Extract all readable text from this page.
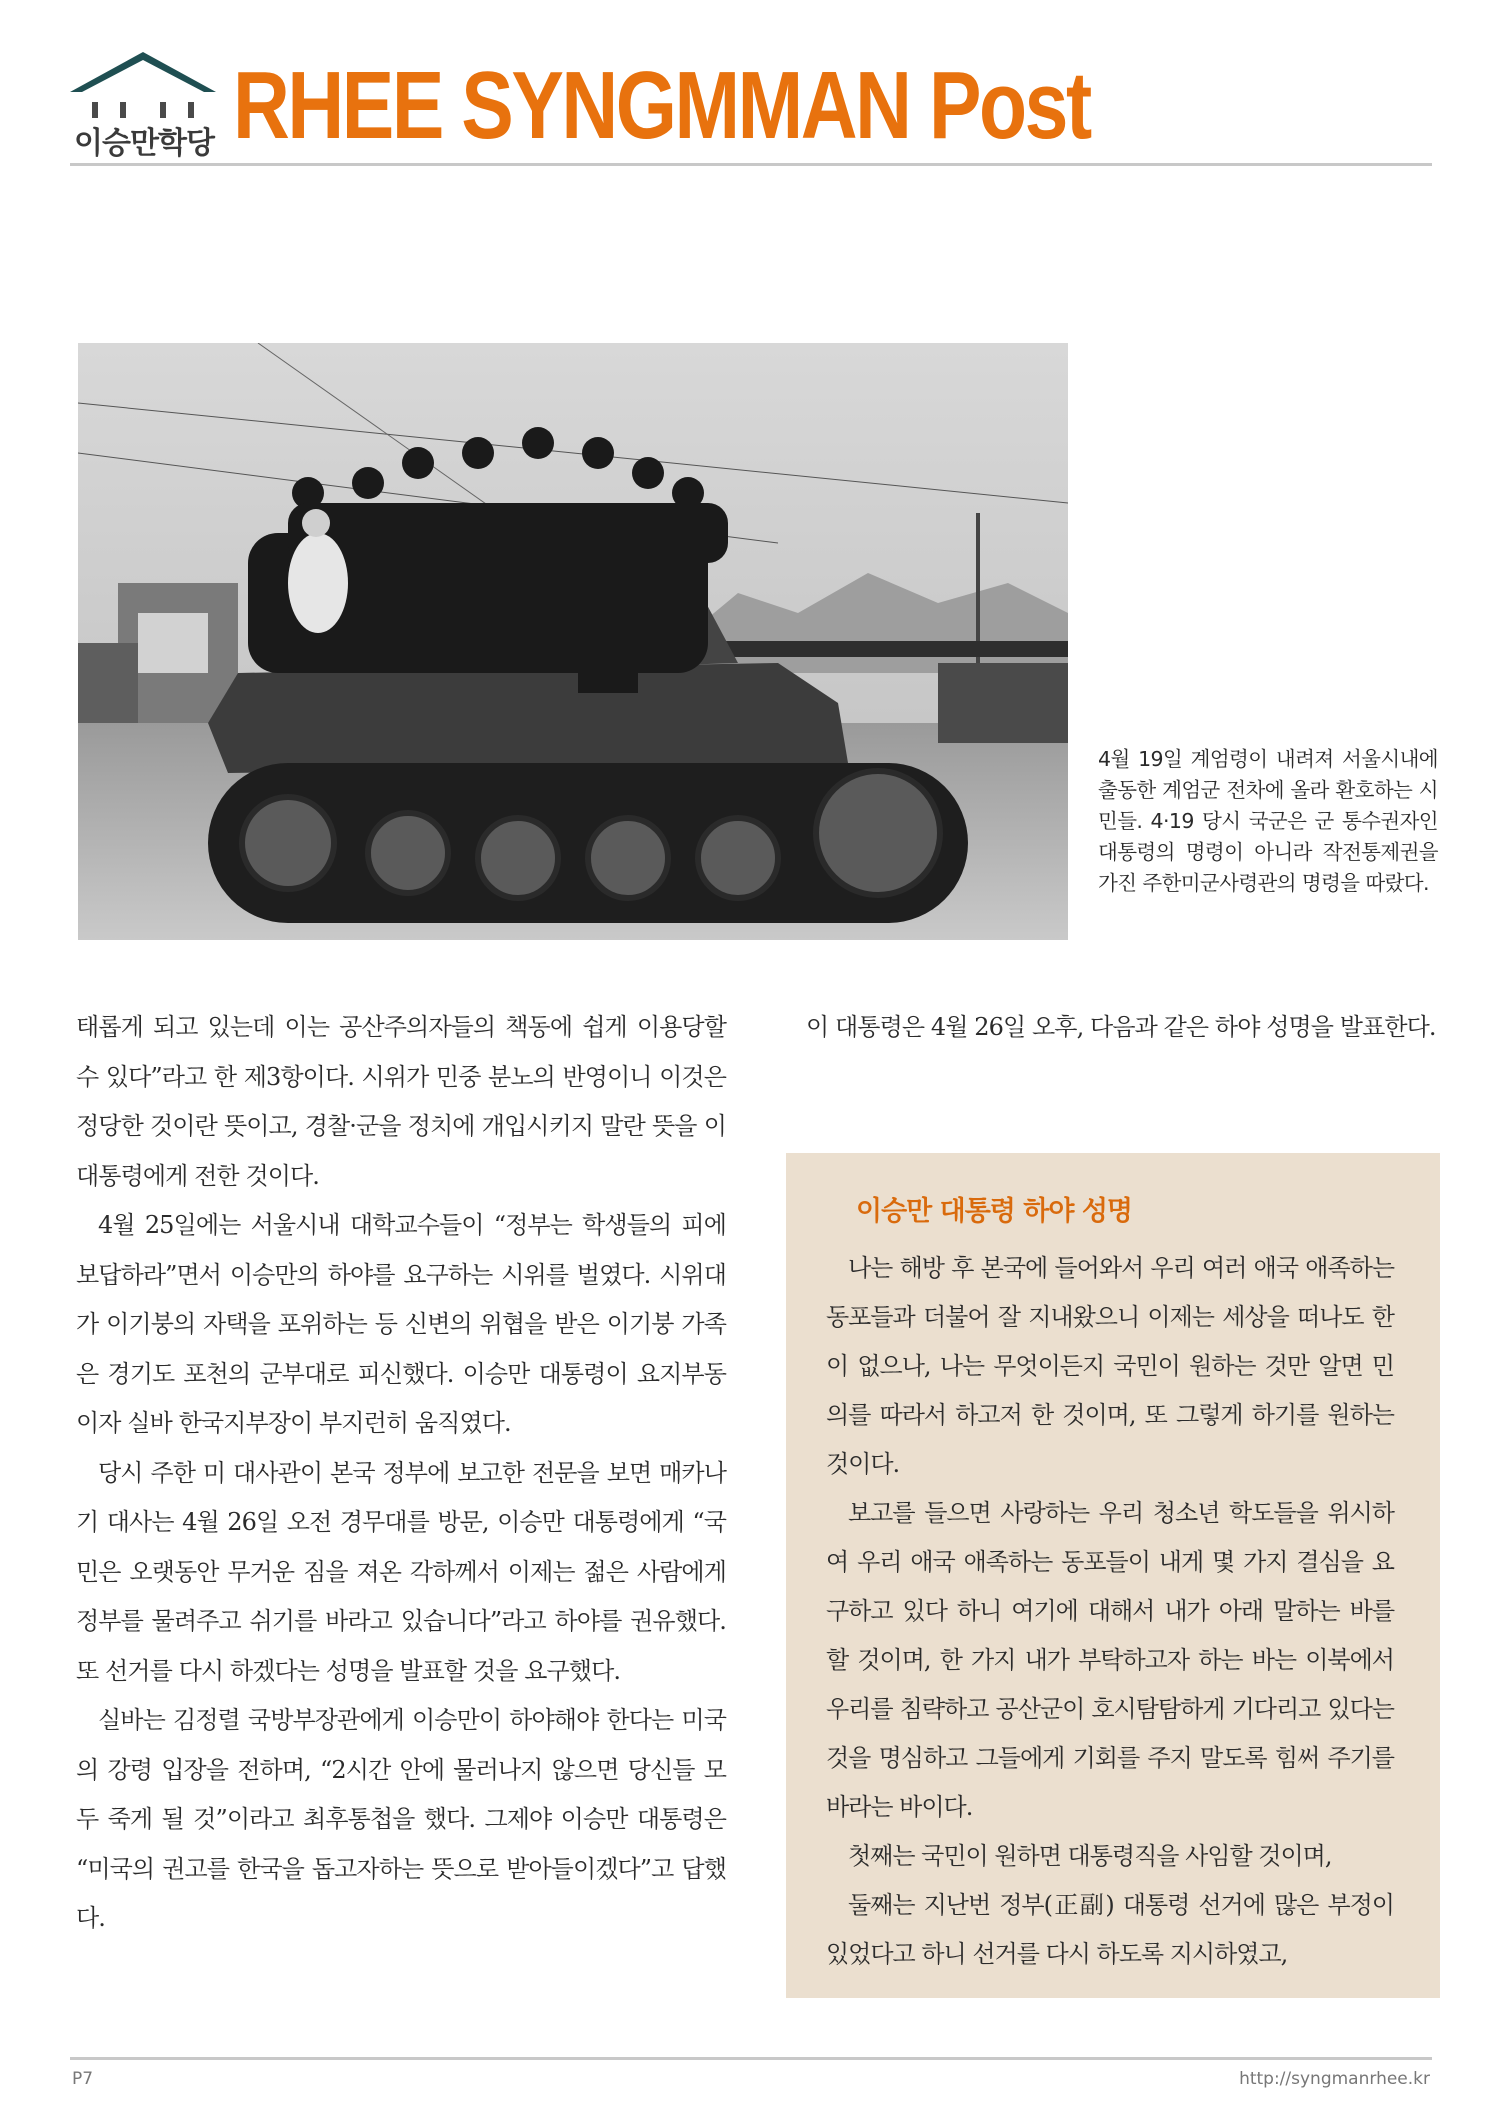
이승만학당 RHEE SYNGMMAN Post
4월 19일 계엄령이 내려져 서울시내에 출동한 계엄군 전차에 올라 환호하는 시민들. 4·19 당시 국군은 군 통수권자인 대통령의 명령이 아니라 작전통제권을 가진 주한미군사령관의 명령을 따랐다.

태롭게 되고 있는데 이는 공산주의자들의 책동에 쉽게 이용당할 수 있다”라고 한 제3항이다. 시위가 민중 분노의 반영이니 이것은 정당한 것이란 뜻이고, 경찰·군을 정치에 개입시키지 말란 뜻을 이 대통령에게 전한 것이다.

4월 25일에는 서울시내 대학교수들이 “정부는 학생들의 피에 보답하라”면서 이승만의 하야를 요구하는 시위를 벌였다. 시위대가 이기붕의 자택을 포위하는 등 신변의 위협을 받은 이기붕 가족은 경기도 포천의 군부대로 피신했다. 이승만 대통령이 요지부동이자 실바 한국지부장이 부지런히 움직였다.

당시 주한 미 대사관이 본국 정부에 보고한 전문을 보면 매카나기 대사는 4월 26일 오전 경무대를 방문, 이승만 대통령에게 “국민은 오랫동안 무거운 짐을 져온 각하께서 이제는 젊은 사람에게 정부를 물려주고 쉬기를 바라고 있습니다”라고 하야를 권유했다. 또 선거를 다시 하겠다는 성명을 발표할 것을 요구했다.

실바는 김정렬 국방부장관에게 이승만이 하야해야 한다는 미국의 강령 입장을 전하며, “2시간 안에 물러나지 않으면 당신들 모두 죽게 될 것”이라고 최후통첩을 했다. 그제야 이승만 대통령은 “미국의 권고를 한국을 돕고자하는 뜻으로 받아들이겠다”고 답했다.

이 대통령은 4월 26일 오후, 다음과 같은 하야 성명을 발표한다.

이승만 대통령 하야 성명

나는 해방 후 본국에 들어와서 우리 여러 애국 애족하는 동포들과 더불어 잘 지내왔으니 이제는 세상을 떠나도 한이 없으나, 나는 무엇이든지 국민이 원하는 것만 알면 민의를 따라서 하고저 한 것이며, 또 그렇게 하기를 원하는 것이다.

보고를 들으면 사랑하는 우리 청소년 학도들을 위시하여 우리 애국 애족하는 동포들이 내게 몇 가지 결심을 요구하고 있다 하니 여기에 대해서 내가 아래 말하는 바를 할 것이며, 한 가지 내가 부탁하고자 하는 바는 이북에서 우리를 침략하고 공산군이 호시탐탐하게 기다리고 있다는 것을 명심하고 그들에게 기회를 주지 말도록 힘써 주기를 바라는 바이다.

첫째는 국민이 원하면 대통령직을 사임할 것이며,

둘째는 지난번 정부(正副) 대통령 선거에 많은 부정이 있었다고 하니 선거를 다시 하도록 지시하였고,

P7	http://syngmanrhee.kr
